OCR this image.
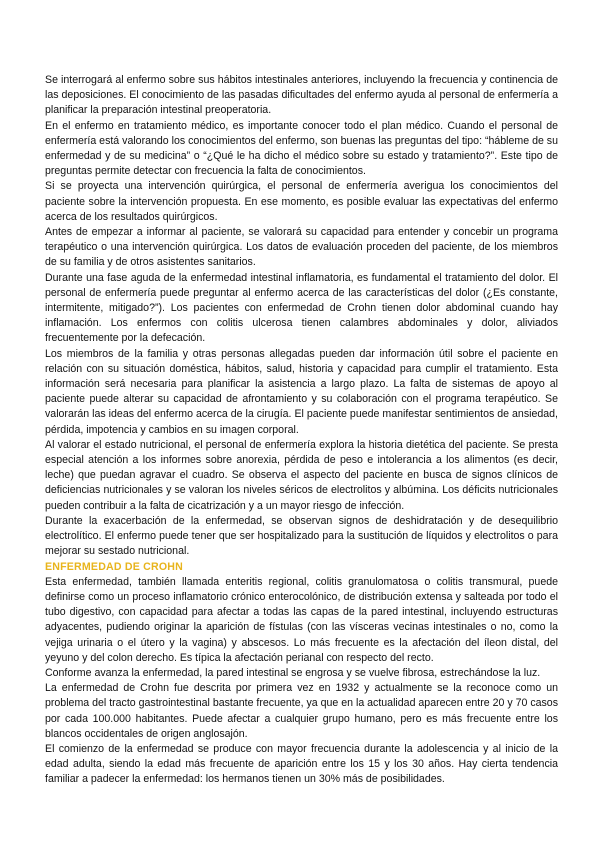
Se interrogará al enfermo sobre sus hábitos intestinales anteriores, incluyendo la frecuencia y continencia de las deposiciones. El conocimiento de las pasadas dificultades del enfermo ayuda al personal de enfermería a planificar la preparación intestinal preoperatoria.

En el enfermo en tratamiento médico, es importante conocer todo el plan médico. Cuando el personal de enfermería está valorando los conocimientos del enfermo, son buenas las preguntas del tipo: “hábleme de su enfermedad y de su medicina” o “¿Qué le ha dicho el médico sobre su estado y tratamiento?”. Este tipo de preguntas permite detectar con frecuencia la falta de conocimientos.

Si se proyecta una intervención quirúrgica, el personal de enfermería averigua los conocimientos del paciente sobre la intervención propuesta. En ese momento, es posible evaluar las expectativas del enfermo acerca de los resultados quirúrgicos.

Antes de empezar a informar al paciente, se valorará su capacidad para entender y concebir un programa terapéutico o una intervención quirúrgica. Los datos de evaluación proceden del paciente, de los miembros de su familia y de otros asistentes sanitarios.

Durante una fase aguda de la enfermedad intestinal inflamatoria, es fundamental el tratamiento del dolor. El personal de enfermería puede preguntar al enfermo acerca de las características del dolor (¿Es constante, intermitente, mitigado?”). Los pacientes con enfermedad de Crohn tienen dolor abdominal cuando hay inflamación. Los enfermos con colitis ulcerosa tienen calambres abdominales y dolor, aliviados frecuentemente por la defecación.

Los miembros de la familia y otras personas allegadas pueden dar información útil sobre el paciente en relación con su situación doméstica, hábitos, salud, historia y capacidad para cumplir el tratamiento. Esta información será necesaria para planificar la asistencia a largo plazo. La falta de sistemas de apoyo al paciente puede alterar su capacidad de afrontamiento y su colaboración con el programa terapéutico. Se valorarán las ideas del enfermo acerca de la cirugía. El paciente puede manifestar sentimientos de ansiedad, pérdida, impotencia y cambios en su imagen corporal.

Al valorar el estado nutricional, el personal de enfermería explora la historia dietética del paciente. Se presta especial atención a los informes sobre anorexia, pérdida de peso e intolerancia a los alimentos (es decir, leche) que puedan agravar el cuadro. Se observa el aspecto del paciente en busca de signos clínicos de deficiencias nutricionales y se valoran los niveles séricos de electrolitos y albúmina. Los déficits nutricionales pueden contribuir a la falta de cicatrización y a un mayor riesgo de infección.

Durante la exacerbación de la enfermedad, se observan signos de deshidratación y de desequilibrio electrolítico. El enfermo puede tener que ser hospitalizado para la sustitución de líquidos y electrolitos o para mejorar su sestado nutricional.

ENFERMEDAD DE CROHN

Esta enfermedad, también llamada enteritis regional, colitis granulomatosa o colitis transmural, puede definirse como un proceso inflamatorio crónico enterocolónico, de distribución extensa y salteada por todo el tubo digestivo, con capacidad para afectar a todas las capas de la pared intestinal, incluyendo estructuras adyacentes, pudiendo originar la aparición de fístulas (con las vísceras vecinas intestinales o no, como la vejiga urinaria o el útero y la vagina) y abscesos. Lo más frecuente es la afectación del íleon distal, del yeyuno y del colon derecho. Es típica la afectación perianal con respecto del recto.

Conforme avanza la enfermedad, la pared intestinal se engrosa y se vuelve fibrosa, estrechándose la luz.

La enfermedad de Crohn fue descrita por primera vez en 1932 y actualmente se la reconoce como un problema del tracto gastrointestinal bastante frecuente, ya que en la actualidad aparecen entre 20 y 70 casos por cada 100.000 habitantes. Puede afectar a cualquier grupo humano, pero es más frecuente entre los blancos occidentales de origen anglosajón.

El comienzo de la enfermedad se produce con mayor frecuencia durante la adolescencia y al inicio de la edad adulta, siendo la edad más frecuente de aparición entre los 15 y los 30 años. Hay cierta tendencia familiar a padecer la enfermedad: los hermanos tienen un 30% más de posibilidades.
